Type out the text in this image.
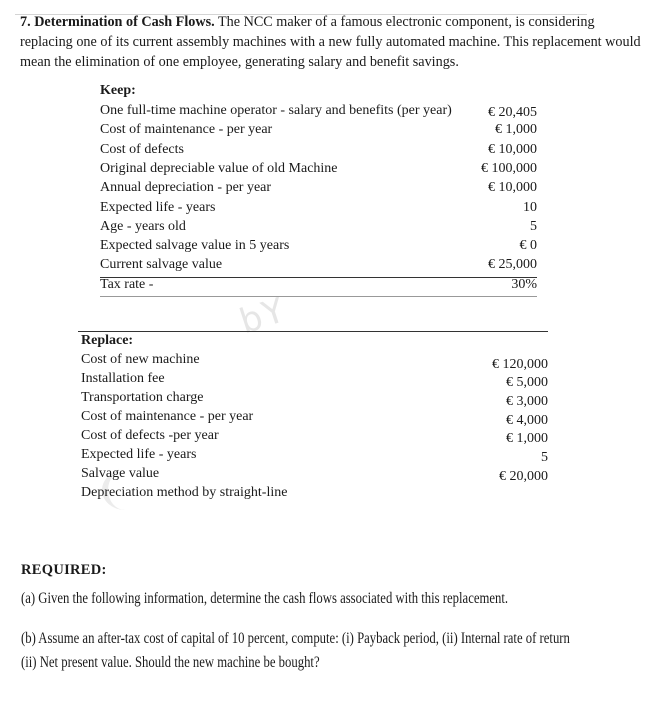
7. Determination of Cash Flows. The NCC maker of a famous electronic component, is considering replacing one of its current assembly machines with a new fully automated machine. This replacement would mean the elimination of one employee, generating salary and benefit savings.
bY
Keep:
One full-time machine operator - salary and benefits (per year)	€ 20,405
Cost of maintenance - per year	€ 1,000
Cost of defects	€ 10,000
Original depreciable value of old Machine	€ 100,000
Annual depreciation - per year	€ 10,000
Expected life - years	10
Age - years old	5
Expected salvage value in 5 years	€ 0
Current salvage value	€ 25,000
Tax rate -	30%
Replace:
Cost of new machine	€ 120,000
Installation fee	€ 5,000
Transportation charge	€ 3,000
Cost of maintenance - per year	€ 4,000
Cost of defects -per year	€ 1,000
Expected life - years	5
Salvage value	€ 20,000
Depreciation method by straight-line
REQUIRED:
(a) Given the following information, determine the cash flows associated with this replacement.
(b) Assume an after-tax cost of capital of 10 percent, compute: (i) Payback period, (ii) Internal rate of return
(ii) Net present value. Should the new machine be bought?
